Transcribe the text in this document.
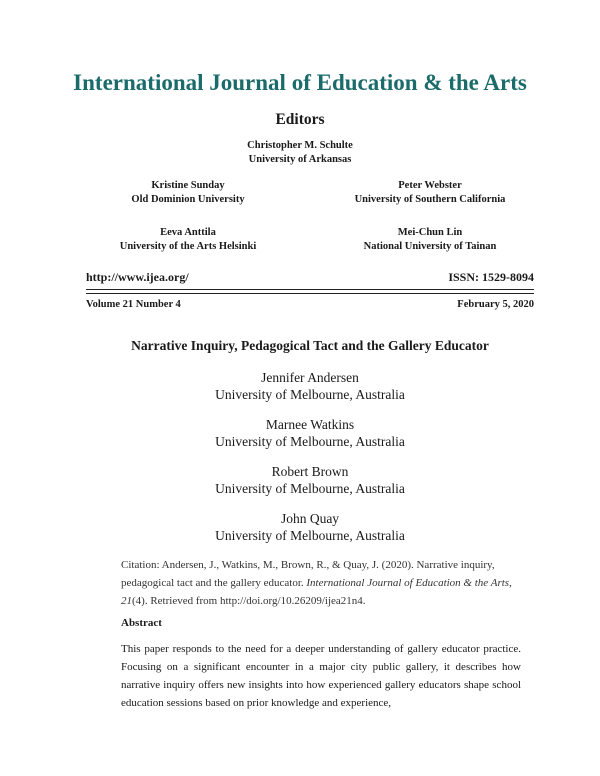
International Journal of Education & the Arts
Editors
Christopher M. Schulte
University of Arkansas
Kristine Sunday
Old Dominion University
Peter Webster
University of Southern California
Eeva Anttila
University of the Arts Helsinki
Mei-Chun Lin
National University of Tainan
http://www.ijea.org/	ISSN: 1529-8094
Volume 21 Number 4	February 5, 2020
Narrative Inquiry, Pedagogical Tact and the Gallery Educator
Jennifer Andersen
University of Melbourne, Australia
Marnee Watkins
University of Melbourne, Australia
Robert Brown
University of Melbourne, Australia
John Quay
University of Melbourne, Australia
Citation: Andersen, J., Watkins, M., Brown, R., & Quay, J. (2020). Narrative inquiry, pedagogical tact and the gallery educator. International Journal of Education & the Arts, 21(4). Retrieved from http://doi.org/10.26209/ijea21n4.
Abstract
This paper responds to the need for a deeper understanding of gallery educator practice. Focusing on a significant encounter in a major city public gallery, it describes how narrative inquiry offers new insights into how experienced gallery educators shape school education sessions based on prior knowledge and experience,
